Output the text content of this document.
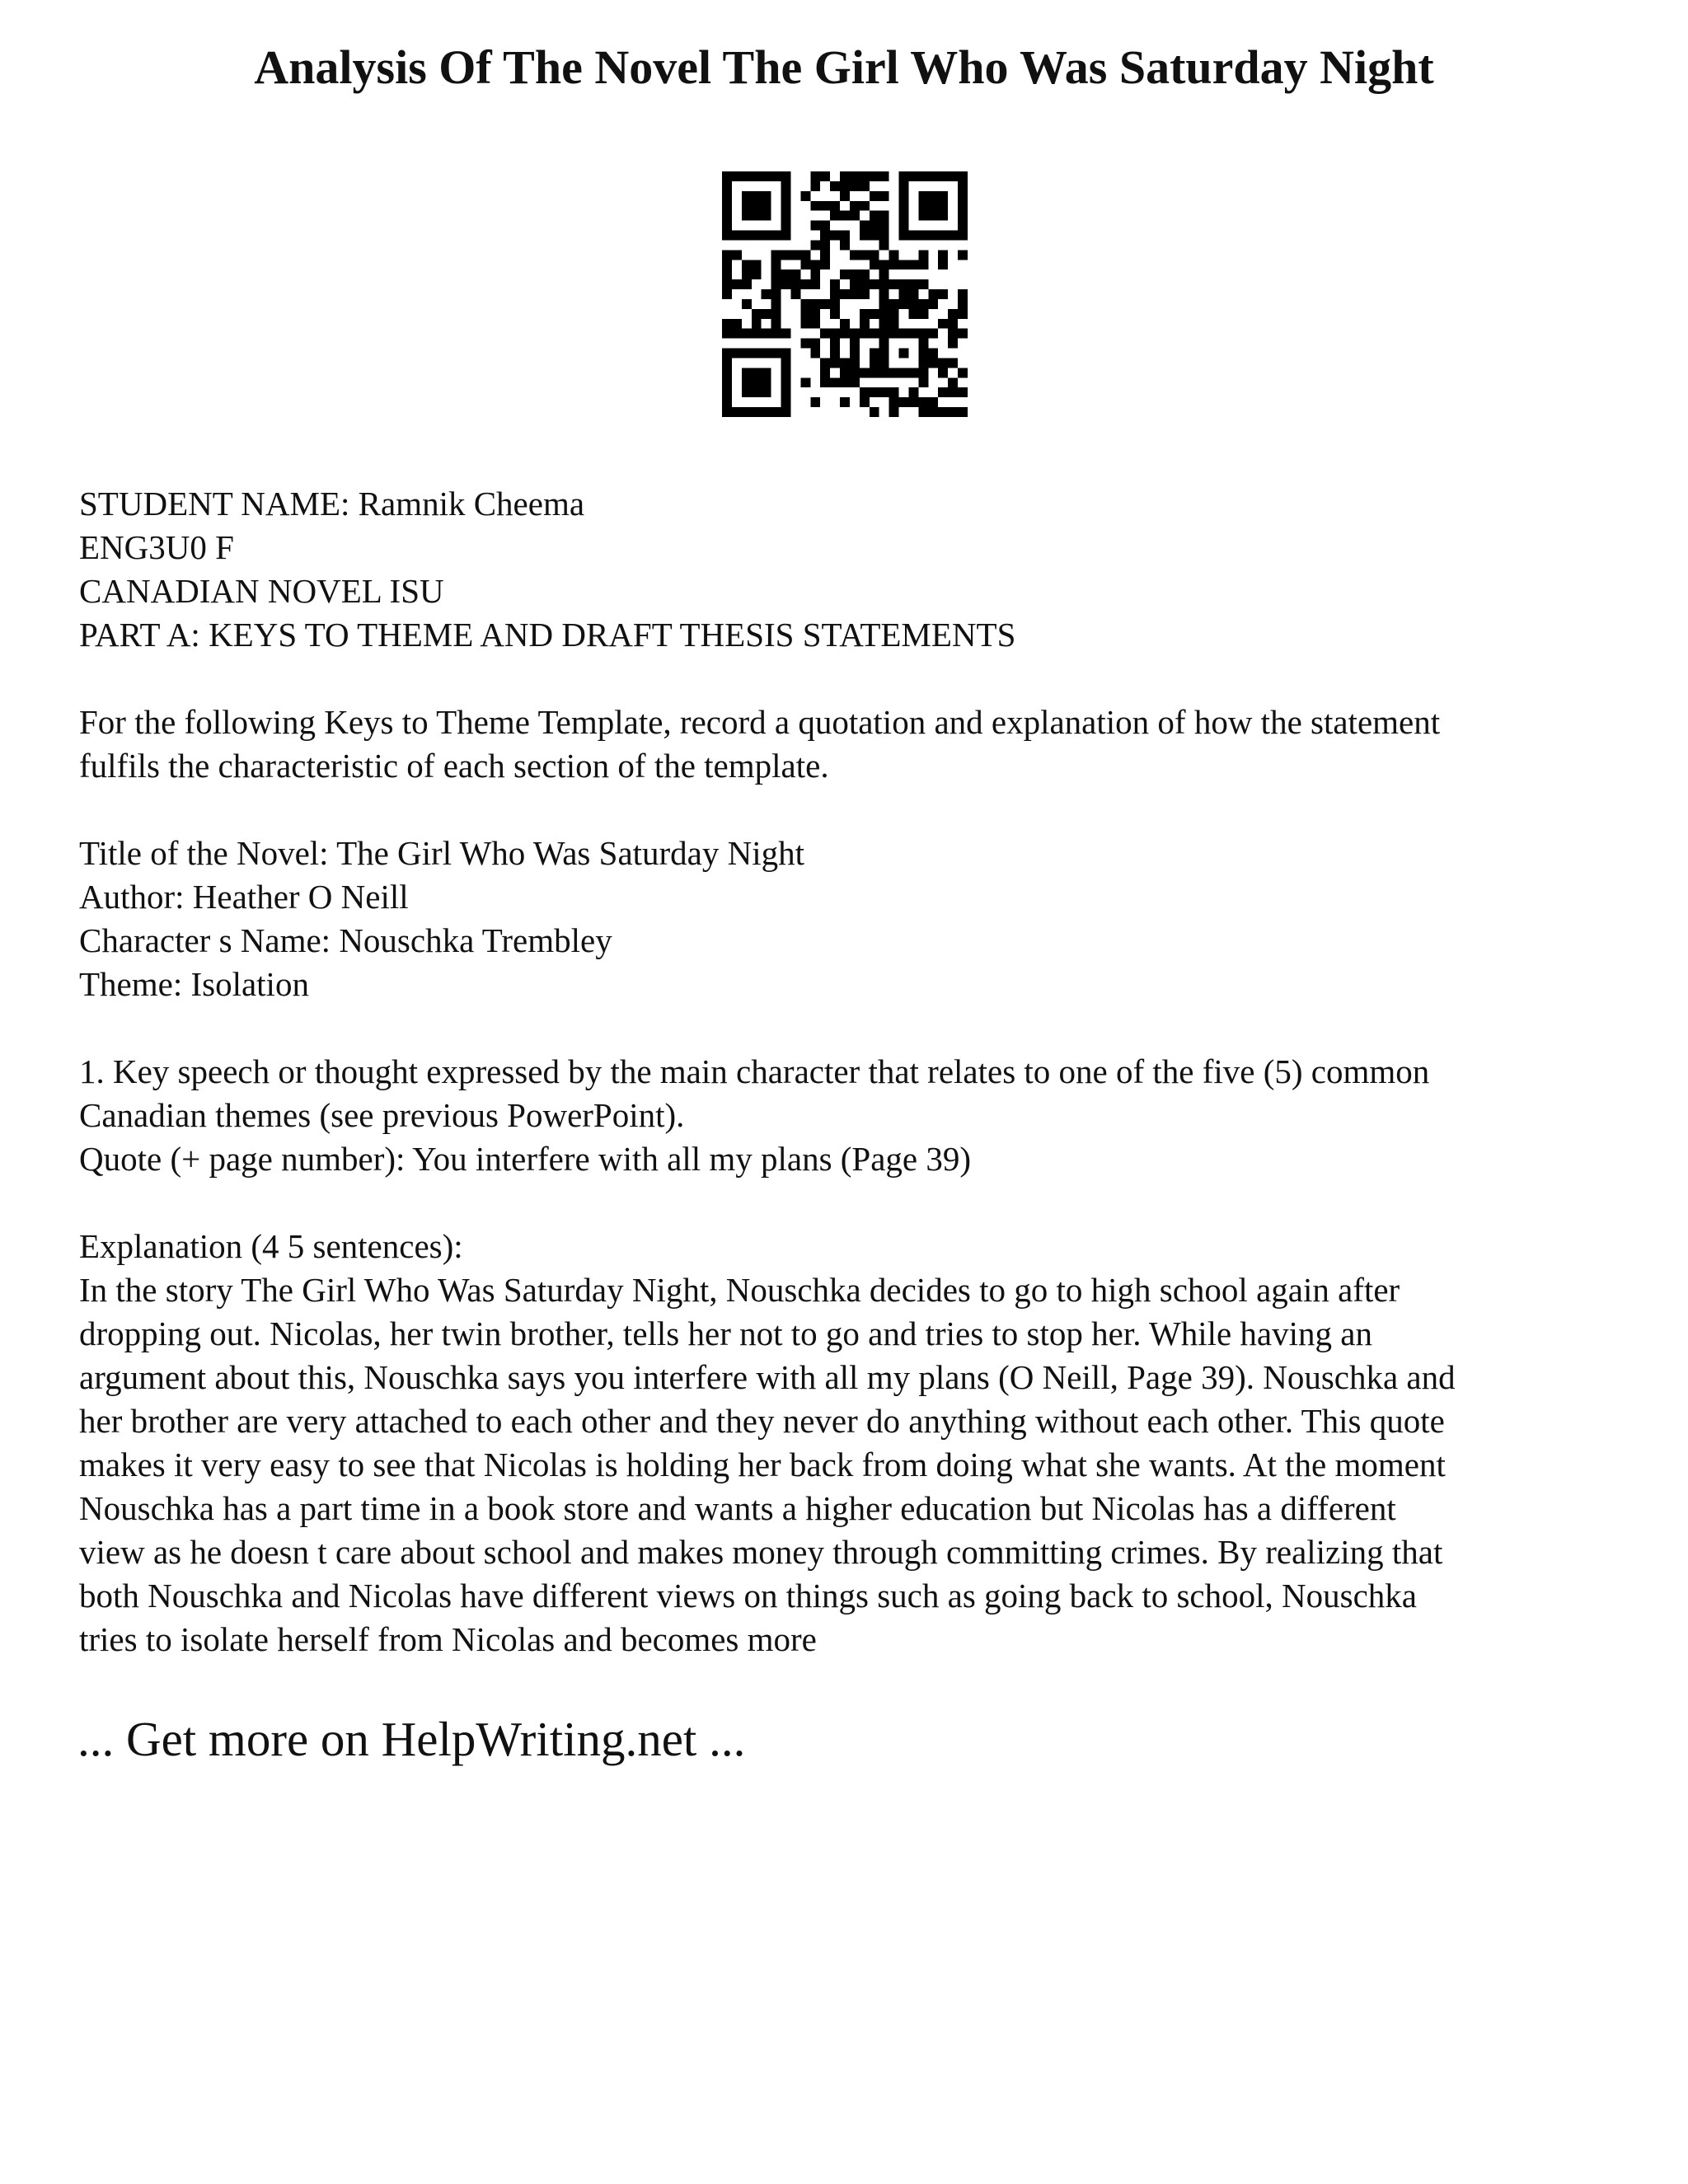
Analysis Of The Novel The Girl Who Was Saturday Night
STUDENT NAME: Ramnik Cheema
ENG3U0 F
CANADIAN NOVEL ISU
PART A: KEYS TO THEME AND DRAFT THESIS STATEMENTS
For the following Keys to Theme Template, record a quotation and explanation of how the statement
fulfils the characteristic of each section of the template.
Title of the Novel: The Girl Who Was Saturday Night
Author: Heather O Neill
Character s Name: Nouschka Trembley
Theme: Isolation
1. Key speech or thought expressed by the main character that relates to one of the five (5) common
Canadian themes (see previous PowerPoint).
Quote (+ page number): You interfere with all my plans (Page 39)
Explanation (4 5 sentences):
In the story The Girl Who Was Saturday Night, Nouschka decides to go to high school again after
dropping out. Nicolas, her twin brother, tells her not to go and tries to stop her. While having an
argument about this, Nouschka says you interfere with all my plans (O Neill, Page 39). Nouschka and
her brother are very attached to each other and they never do anything without each other. This quote
makes it very easy to see that Nicolas is holding her back from doing what she wants. At the moment
Nouschka has a part time in a book store and wants a higher education but Nicolas has a different
view as he doesn t care about school and makes money through committing crimes. By realizing that
both Nouschka and Nicolas have different views on things such as going back to school, Nouschka
tries to isolate herself from Nicolas and becomes more
... Get more on HelpWriting.net ...
